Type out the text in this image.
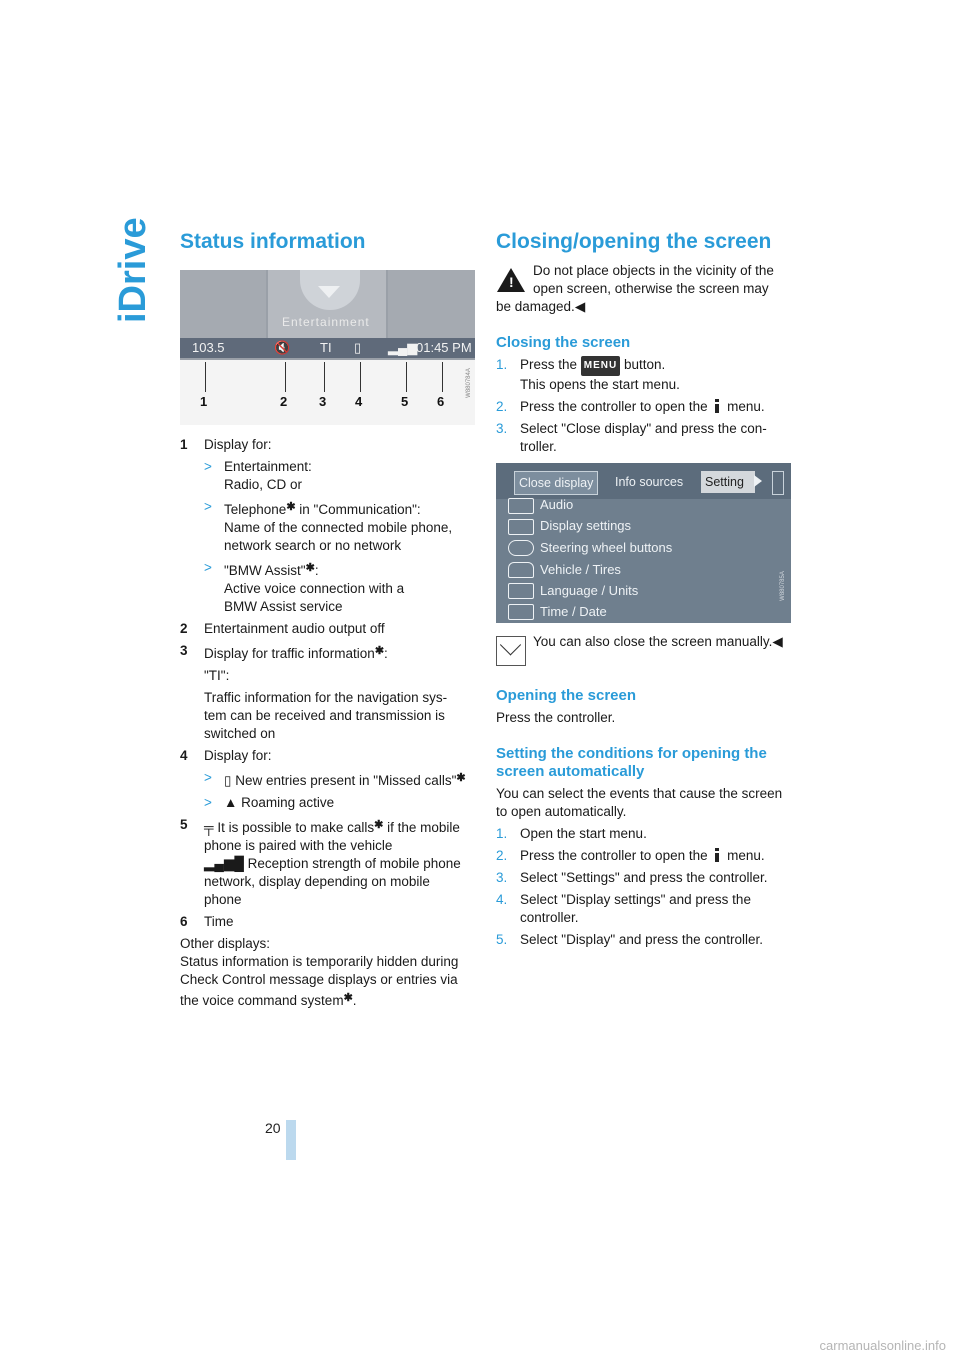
iDrive
20
Status information
Entertainment
103.5	🔇 TI ▯ ▂▄▆
01:45 PM
1	2 3 4	5 6
W880784A
1 Display for:
> Entertainment:
Radio, CD or
> Telephone✱ in "Communication":
Name of the connected mobile phone,
network search or no network
> "BMW Assist"✱:
Active voice connection with a
BMW Assist service
2 Entertainment audio output off
3 Display for traffic information✱:
"TI":
Traffic information for the navigation sys-
tem can be received and transmission is
switched on
4 Display for:
> ▯ New entries present in "Missed calls"✱
> ▲ Roaming active
5 ╤ It is possible to make calls✱ if the mobile
phone is paired with the vehicle
▂▄▆█ Reception strength of mobile phone
network, display depending on mobile
phone
6 Time
Other displays:
Status information is temporarily hidden during
Check Control message displays or entries via
the voice command system✱.
Closing/opening the screen
!
Do not place objects in the vicinity of the
open screen, otherwise the screen may
be damaged.◀
Closing the screen
1. Press the MENU button.
This opens the start menu.
2. Press the controller to open the  menu.
3. Select "Close display" and press the con-
troller.
Close display	Info sources	Setting
Audio
Display settings
Steering wheel buttons
Vehicle / Tires
Language / Units
Time / Date
W880785A
You can also close the screen manually.◀
Opening the screen
Press the controller.
Setting the conditions for opening the
screen automatically
You can select the events that cause the screen
to open automatically.
1. Open the start menu.
2. Press the controller to open the  menu.
3. Select "Settings" and press the controller.
4. Select "Display settings" and press the
controller.
5. Select "Display" and press the controller.
carmanualsonline.info
